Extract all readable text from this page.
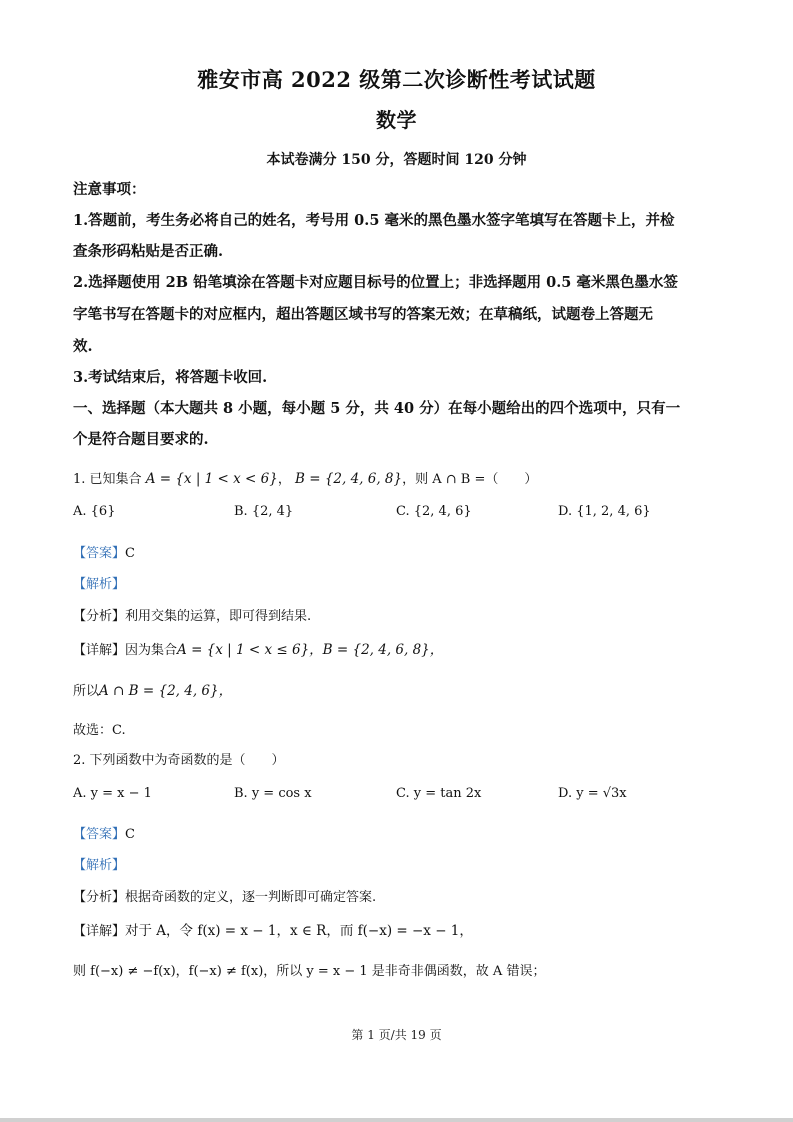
雅安市高 2022 级第二次诊断性考试试题
数学
本试卷满分 150 分，答题时间 120 分钟
注意事项：
1.答题前，考生务必将自己的姓名，考号用 0.5 毫米的黑色墨水签字笔填写在答题卡上，并检
查条形码粘贴是否正确.
2.选择题使用 2B 铅笔填涂在答题卡对应题目标号的位置上；非选择题用 0.5 毫米黑色墨水签
字笔书写在答题卡的对应框内，超出答题区域书写的答案无效；在草稿纸，试题卷上答题无
效.
3.考试结束后，将答题卡收回.
一、选择题（本大题共 8 小题，每小题 5 分，共 40 分）在每小题给出的四个选项中，只有一
个是符合题目要求的.
1. 已知集合 A = {x | 1 < x < 6}， B = {2, 4, 6, 8}，则 A ∩ B =（　　）
A. {6}	B. {2, 4}	C. {2, 4, 6}	D. {1, 2, 4, 6}
【答案】C
【解析】
【分析】利用交集的运算，即可得到结果.
【详解】因为集合A = {x | 1 < x ≤ 6}，B = {2, 4, 6, 8}，
所以A ∩ B = {2, 4, 6}，
故选：C.
2. 下列函数中为奇函数的是（　　）
A. y = x − 1	B. y = cos x	C. y = tan 2x	D. y = √3x
【答案】C
【解析】
【分析】根据奇函数的定义，逐一判断即可确定答案.
【详解】对于 A，令 f(x) = x − 1，x ∈ R，而 f(−x) = −x − 1，
则 f(−x) ≠ −f(x)，f(−x) ≠ f(x)，所以 y = x − 1 是非奇非偶函数，故 A 错误；
第 1 页/共 19 页
